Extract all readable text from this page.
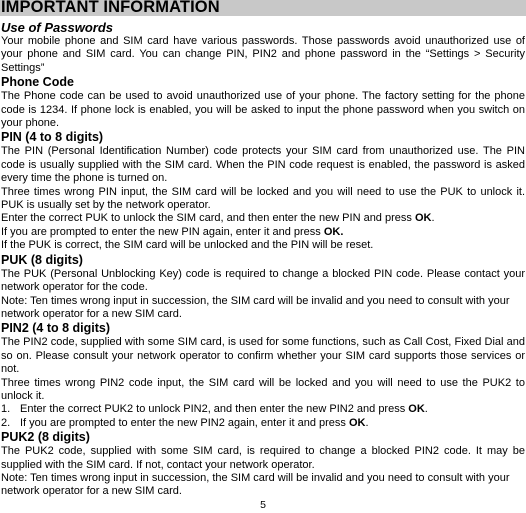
IMPORTANT INFORMATION
Use of Passwords

Your mobile phone and SIM card have various passwords. Those passwords avoid unauthorized use of your phone and SIM card. You can change PIN, PIN2 and phone password in the “Settings > Security Settings”

Phone Code

The Phone code can be used to avoid unauthorized use of your phone. The factory setting for the phone code is 1234. If phone lock is enabled, you will be asked to input the phone password when you switch on your phone.

PIN (4 to 8 digits)

The PIN (Personal Identification Number) code protects your SIM card from unauthorized use. The PIN code is usually supplied with the SIM card. When the PIN code request is enabled, the password is asked every time the phone is turned on.

Three times wrong PIN input, the SIM card will be locked and you will need to use the PUK to unlock it. PUK is usually set by the network operator.

Enter the correct PUK to unlock the SIM card, and then enter the new PIN and press OK.

If you are prompted to enter the new PIN again, enter it and press OK.

If the PUK is correct, the SIM card will be unlocked and the PIN will be reset.

PUK (8 digits)

The PUK (Personal Unblocking Key) code is required to change a blocked PIN code. Please contact your network operator for the code.

Note: Ten times wrong input in succession, the SIM card will be invalid and you need to consult with your network operator for a new SIM card.

PIN2 (4 to 8 digits)

The PIN2 code, supplied with some SIM card, is used for some functions, such as Call Cost, Fixed Dial and so on. Please consult your network operator to confirm whether your SIM card supports those services or not.

Three times wrong PIN2 code input, the SIM card will be locked and you will need to use the PUK2 to unlock it.

1. Enter the correct PUK2 to unlock PIN2, and then enter the new PIN2 and press OK.
2. If you are prompted to enter the new PIN2 again, enter it and press OK.
PUK2 (8 digits)

The PUK2 code, supplied with some SIM card, is required to change a blocked PIN2 code. It may be supplied with the SIM card. If not, contact your network operator.

Note: Ten times wrong input in succession, the SIM card will be invalid and you need to consult with your network operator for a new SIM card.

5
